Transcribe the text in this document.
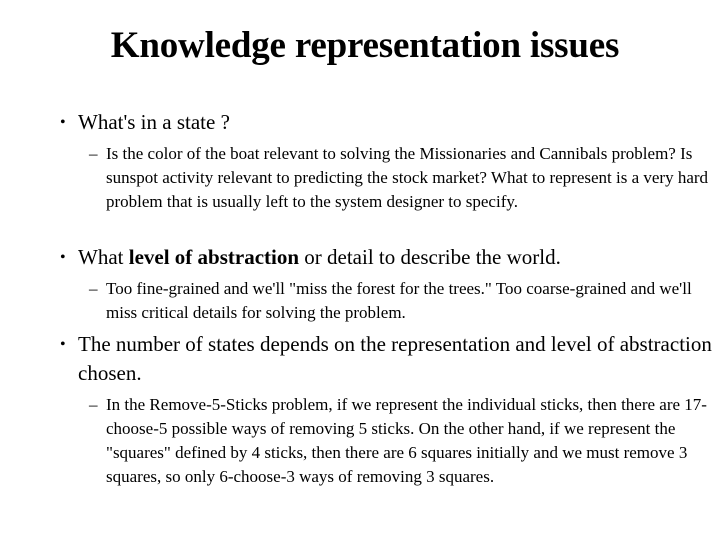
Knowledge representation issues
• What's in a state ?
– Is the color of the boat relevant to solving the Missionaries and Cannibals problem? Is sunspot activity relevant to predicting the stock market? What to represent is a very hard problem that is usually left to the system designer to specify.
• What level of abstraction or detail to describe the world.
– Too fine-grained and we'll "miss the forest for the trees." Too coarse-grained and we'll miss critical details for solving the problem.
• The number of states depends on the representation and level of abstraction chosen.
– In the Remove-5-Sticks problem, if we represent the individual sticks, then there are 17-choose-5 possible ways of removing 5 sticks. On the other hand, if we represent the "squares" defined by 4 sticks, then there are 6 squares initially and we must remove 3 squares, so only 6-choose-3 ways of removing 3 squares.
